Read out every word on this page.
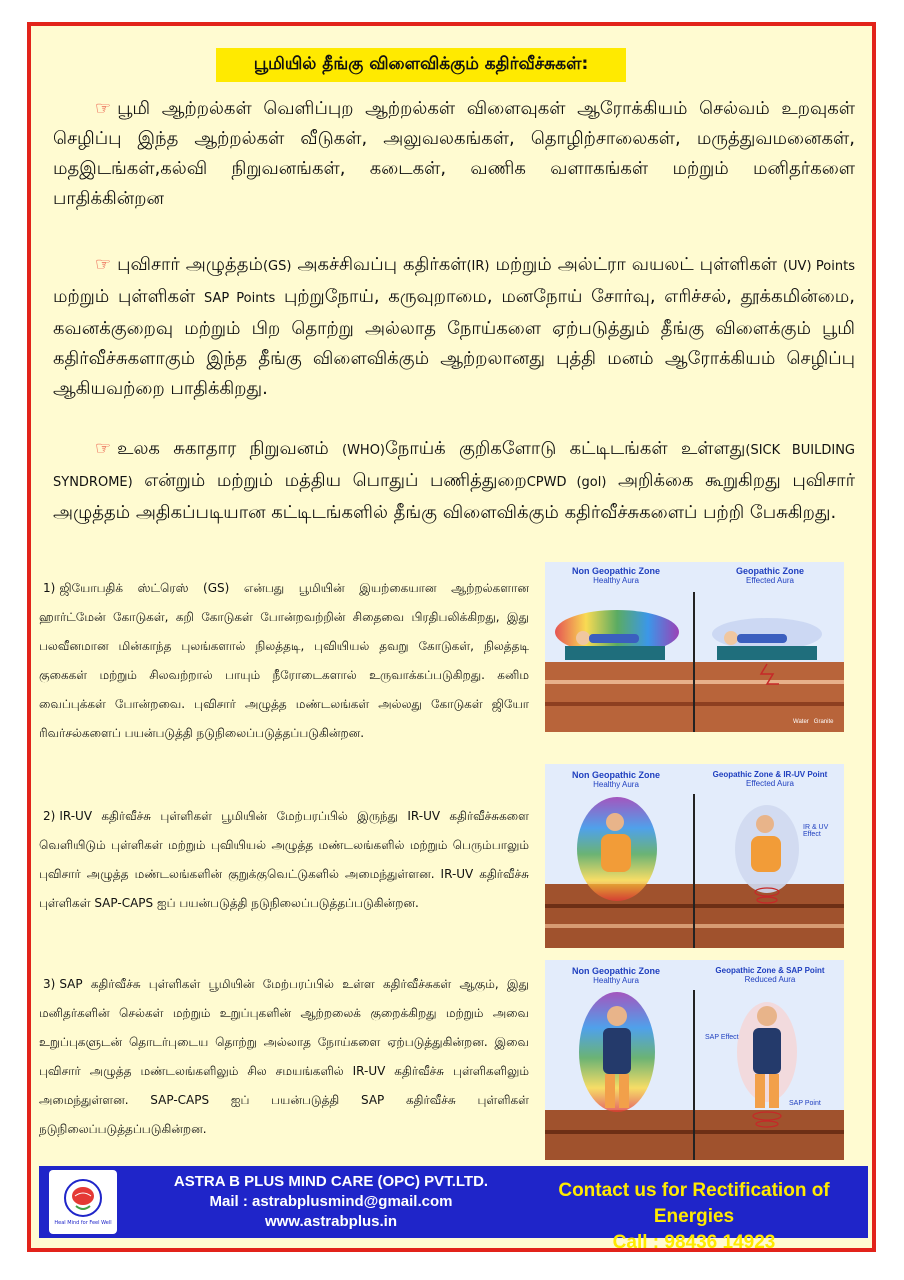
பூமியில் தீங்கு விளைவிக்கும் கதிர்வீச்சுகள்:
☞ பூமி ஆற்றல்கள் வெளிப்புற ஆற்றல்கள் விளைவுகள் ஆரோக்கியம் செல்வம் உறவுகள் செழிப்பு இந்த ஆற்றல்கள் வீடுகள், அலுவலகங்கள், தொழிற்சாலைகள், மருத்துவமனைகள், மதஇடங்கள்,கல்வி நிறுவனங்கள், கடைகள், வணிக வளாகங்கள் மற்றும் மனிதர்களை பாதிக்கின்றன
☞ புவிசார் அழுத்தம்(GS) அகச்சிவப்பு கதிர்கள்(IR) மற்றும் அல்ட்ரா வயலட் புள்ளிகள் (UV) Points மற்றும் புள்ளிகள் SAP Points புற்றுநோய், கருவுறாமை, மனநோய் சோர்வு, எரிச்சல், தூக்கமின்மை, கவனக்குறைவு மற்றும் பிற தொற்று அல்லாத நோய்களை ஏற்படுத்தும் தீங்கு விளைக்கும் பூமி கதிர்வீச்சுகளாகும் இந்த தீங்கு விளைவிக்கும் ஆற்றலானது புத்தி மனம் ஆரோக்கியம் செழிப்பு ஆகியவற்றை பாதிக்கிறது.
☞ உலக சுகாதார நிறுவனம் (WHO)நோய்க் குறிகளோடு கட்டிடங்கள் உள்ளது(SICK BUILDING SYNDROME) என்றும் மற்றும் மத்திய பொதுப் பணித்துறைCPWD (gol) அறிக்கை கூறுகிறது புவிசார் அழுத்தம் அதிகப்படியான கட்டிடங்களில் தீங்கு விளைவிக்கும் கதிர்வீச்சுகளைப் பற்றி பேசுகிறது.
1) ஜியோபதிக் ஸ்ட்ரெஸ் (GS) என்பது பூமியின் இயற்கையான ஆற்றல்களான ஹார்ட்மேன் கோடுகள், கறி கோடுகள் போன்றவற்றின் சிதைவை பிரதிபலிக்கிறது, இது பலவீனமான மின்காந்த புலங்களால் நிலத்தடி, புவியியல் தவறு கோடுகள், நிலத்தடி குகைகள் மற்றும் சிலவற்றால் பாயும் நீரோடைகளால் உருவாக்கப்படுகிறது. கனிம வைப்புக்கள் போன்றவை. புவிசார் அழுத்த மண்டலங்கள் அல்லது கோடுகள் ஜியோ ரிவர்சல்களைப் பயன்படுத்தி நடுநிலைப்படுத்தப்படுகின்றன.
2) IR-UV கதிர்வீச்சு புள்ளிகள் பூமியின் மேற்பரப்பில் இருந்து IR-UV கதிர்வீச்சுகளை வெளியிடும் புள்ளிகள் மற்றும் புவியியல் அழுத்த மண்டலங்களில் மற்றும் பெரும்பாலும் புவிசார் அழுத்த மண்டலங்களின் குறுக்குவெட்டுகளில் அமைந்துள்ளன. IR-UV கதிர்வீச்சு புள்ளிகள் SAP-CAPS ஐப் பயன்படுத்தி நடுநிலைப்படுத்தப்படுகின்றன.
3) SAP கதிர்வீச்சு புள்ளிகள் பூமியின் மேற்பரப்பில் உள்ள கதிர்வீச்சுகள் ஆகும், இது மனிதர்களின் செல்கள் மற்றும் உறுப்புகளின் ஆற்றலைக் குறைக்கிறது மற்றும் அவை உறுப்புகளுடன் தொடர்புடைய தொற்று அல்லாத நோய்களை ஏற்படுத்துகின்றன. இவை புவிசார் அழுத்த மண்டலங்களிலும் சில சமயங்களில் IR-UV கதிர்வீச்சு புள்ளிகளிலும் அமைந்துள்ளன. SAP-CAPS ஐப் பயன்படுத்தி SAP கதிர்வீச்சு புள்ளிகள் நடுநிலைப்படுத்தப்படுகின்றன.
Non Geopathic Zone
Healthy Aura
Geopathic Zone
Effected Aura
Water Granite
Non Geopathic Zone
Healthy Aura
Geopathic Zone & IR-UV Point
Effected Aura
IR & UV Effect
Non Geopathic Zone
Healthy Aura
Geopathic Zone & SAP Point
Reduced Aura
SAP Effect
SAP Point
Heal Mind for Feel Well
ASTRA B PLUS MIND CARE (OPC) PVT.LTD.
Mail : astrabplusmind@gmail.com
www.astrabplus.in
Contact us for Rectification of Energies
Call : 98436 14923
